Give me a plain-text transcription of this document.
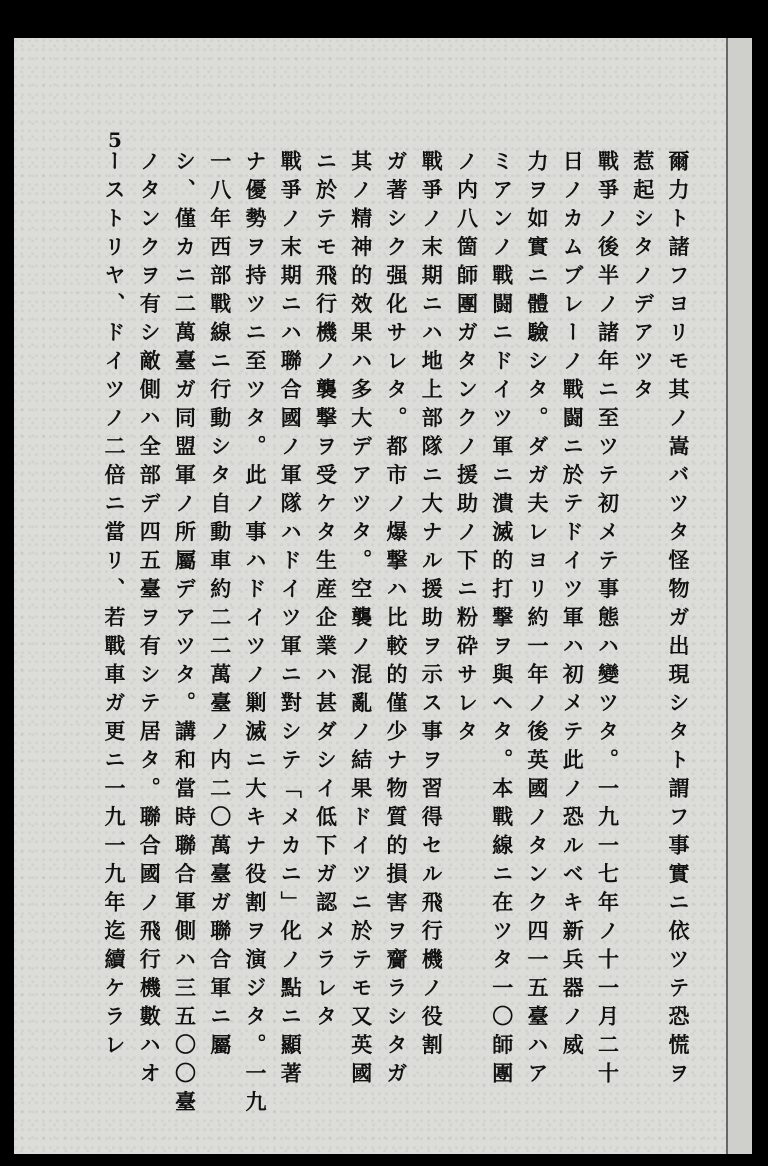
5
爾力ト諸フヨリモ其ノ嵩バツタ怪物ガ出現シタト謂フ事實ニ依ツテ恐慌ヲ
惹起シタノデアツタ
戰爭ノ後半ノ諸年ニ至ツテ初メテ事態ハ變ツタ。一九一七年ノ十一月二十
日ノカムブレーノ戰闘ニ於テドイツ軍ハ初メテ此ノ恐ルベキ新兵器ノ威
力ヲ如實ニ體驗シタ。ダガ夫レヨリ約一年ノ後英國ノタンク四一五臺ハア
ミアンノ戰闘ニドイツ軍ニ潰滅的打撃ヲ與ヘタ。本戰線ニ在ツタ一〇師團
ノ内八箇師團ガタンクノ援助ノ下ニ粉砕サレタ
戰爭ノ末期ニハ地上部隊ニ大ナル援助ヲ示ス事ヲ習得セル飛行機ノ役割
ガ著シク强化サレタ。都市ノ爆撃ハ比較的僅少ナ物質的損害ヲ齎ラシタガ
其ノ精神的效果ハ多大デアツタ。空襲ノ混亂ノ結果ドイツニ於テモ又英國
ニ於テモ飛行機ノ襲撃ヲ受ケタ生産企業ハ甚ダシイ低下ガ認メラレタ
戰爭ノ末期ニハ聯合國ノ軍隊ハドイツ軍ニ對シテ「メカニ」化ノ點ニ顯著
ナ優勢ヲ持ツニ至ツタ。此ノ事ハドイツノ剿滅ニ大キナ役割ヲ演ジタ。一九
一八年西部戰線ニ行動シタ自動車約二二萬臺ノ内二〇萬臺ガ聯合軍ニ屬
シ、僅カニ二萬臺ガ同盟軍ノ所屬デアツタ。講和當時聯合軍側ハ三五〇〇臺
ノタンクヲ有シ敵側ハ全部デ四五臺ヲ有シテ居タ。聯合國ノ飛行機數ハオ
ーストリヤ、ドイツノ二倍ニ當リ、若戰車ガ更ニ一九一九年迄續ケラレ
